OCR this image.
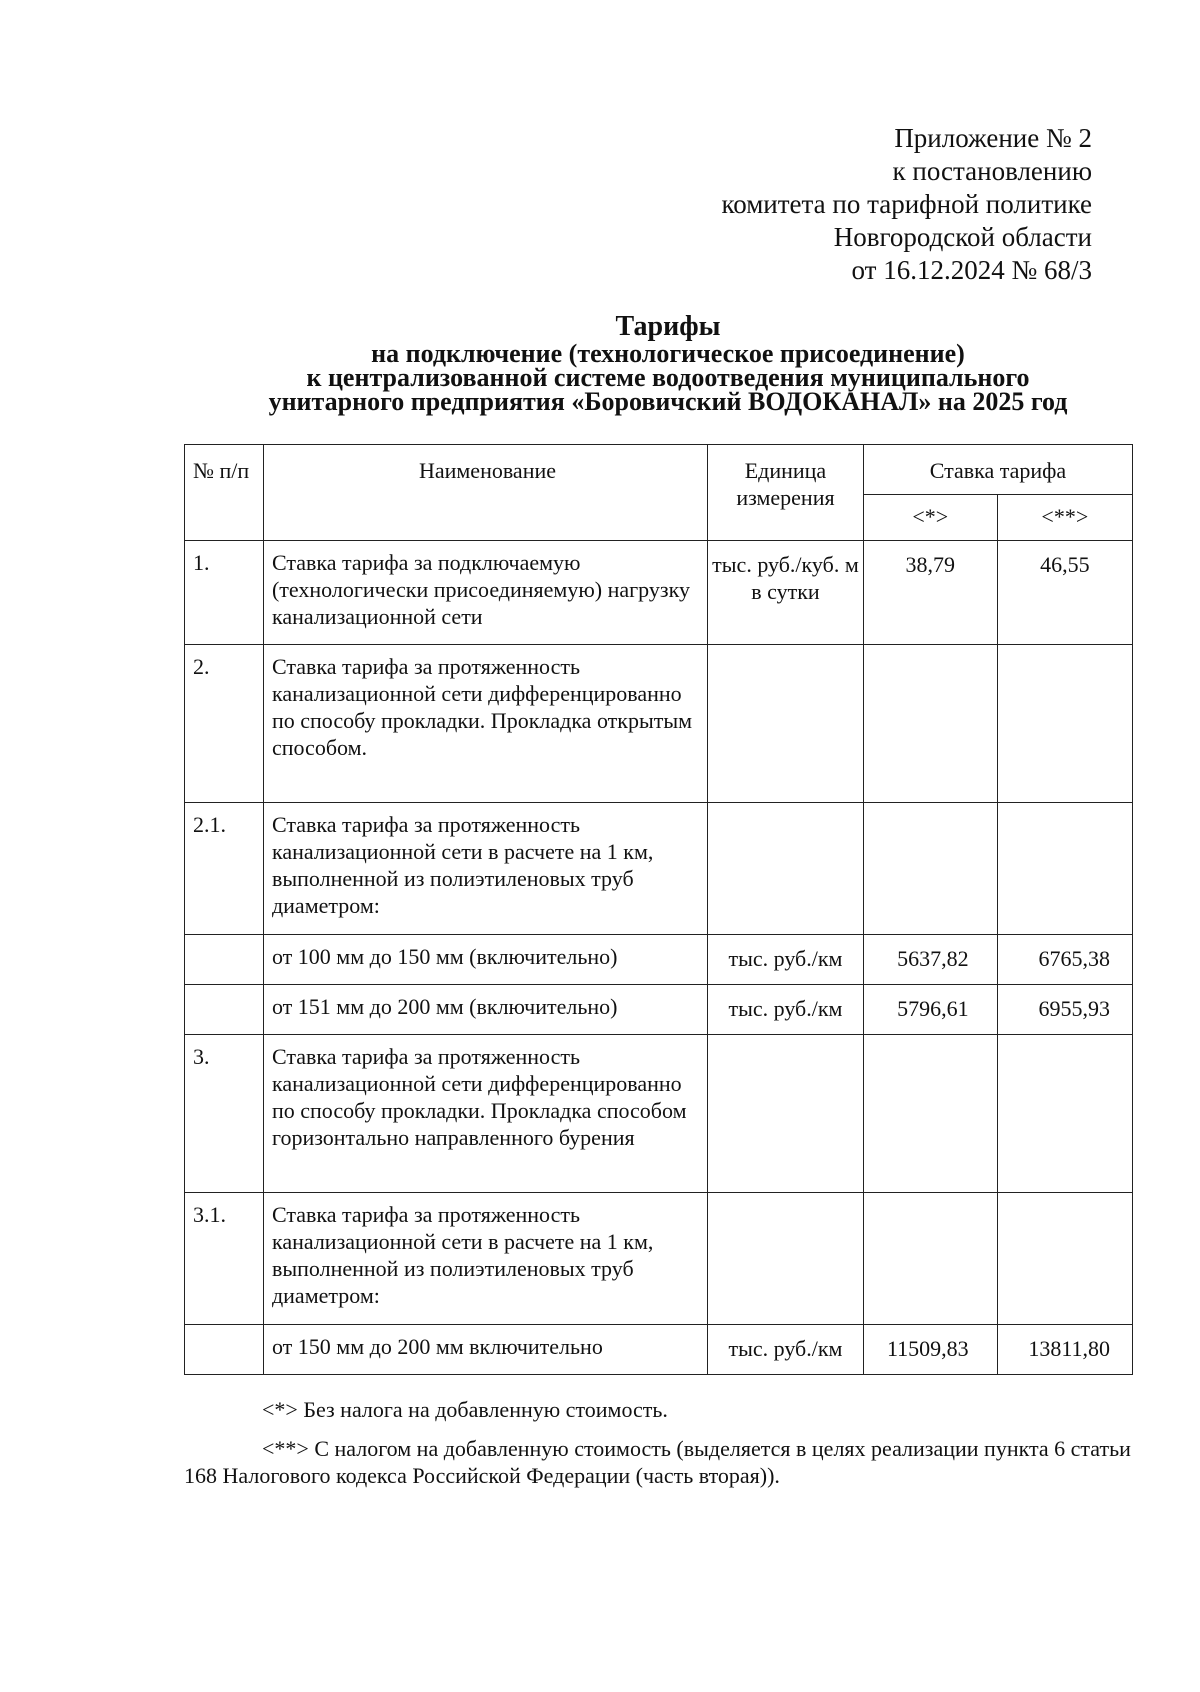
Приложение № 2
к постановлению
комитета по тарифной политике
Новгородской области
от 16.12.2024 № 68/3
Тарифы
на подключение (технологическое присоединение)
к централизованной системе водоотведения муниципального
унитарного предприятия «Боровичский ВОДОКАНАЛ» на 2025 год
№ п/п	Наименование	Единица измерения	Ставка тарифа	
			<*>	<**>
1.	Ставка тарифа за подключаемую (технологически присоединяемую) нагрузку канализационной сети	тыс. руб./куб. м в сутки	38,79	46,55
2.	Ставка тарифа за протяженность канализационной сети дифференцированно по способу прокладки. Прокладка открытым способом.			
2.1.	Ставка тарифа за протяженность канализационной сети в расчете на 1 км, выполненной из полиэтиленовых труб диаметром:			
	от 100 мм до 150 мм (включительно)	тыс. руб./км	5637,82	6765,38
	от 151 мм до 200 мм (включительно)	тыс. руб./км	5796,61	6955,93
3.	Ставка тарифа за протяженность канализационной сети дифференцированно по способу прокладки. Прокладка способом горизонтально направленного бурения			
3.1.	Ставка тарифа за протяженность канализационной сети в расчете на 1 км, выполненной из полиэтиленовых труб диаметром:			
	от 150 мм до 200 мм включительно	тыс. руб./км	11509,83	13811,80
<*> Без налога на добавленную стоимость.
<**> С налогом на добавленную стоимость (выделяется в целях реализации пункта 6 статьи 168 Налогового кодекса Российской Федерации (часть вторая)).
